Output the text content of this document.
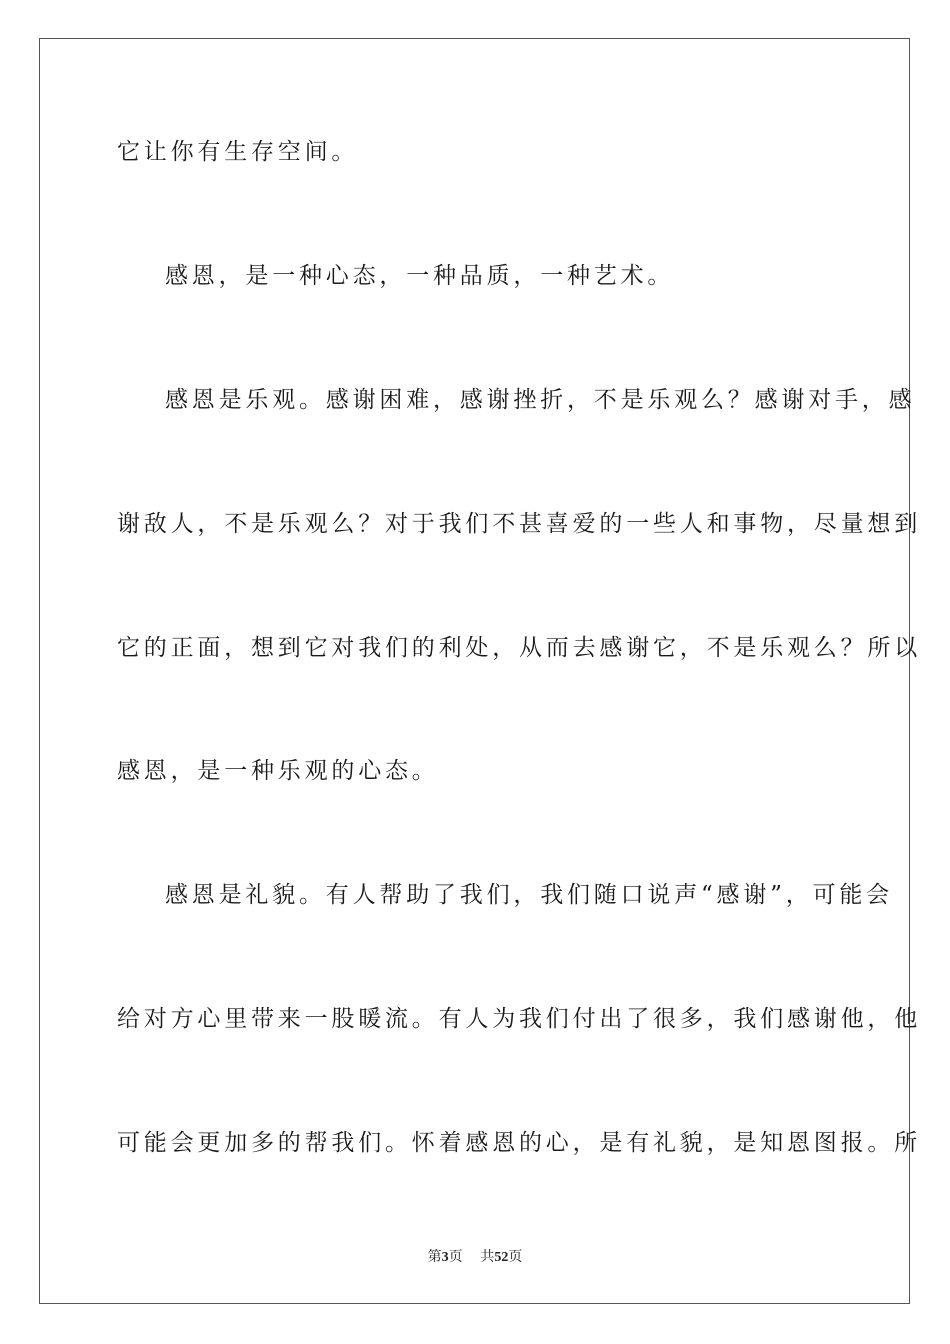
它让你有生存空间。
感恩，是一种心态，一种品质，一种艺术。
感恩是乐观。感谢困难，感谢挫折，不是乐观么？感谢对手，感
谢敌人，不是乐观么？对于我们不甚喜爱的一些人和事物，尽量想到
它的正面，想到它对我们的利处，从而去感谢它，不是乐观么？所以
感恩，是一种乐观的心态。
感恩是礼貌。有人帮助了我们，我们随口说声“感谢”，可能会
给对方心里带来一股暖流。有人为我们付出了很多，我们感谢他，他
可能会更加多的帮我们。怀着感恩的心，是有礼貌，是知恩图报。所
第3页 共52页
